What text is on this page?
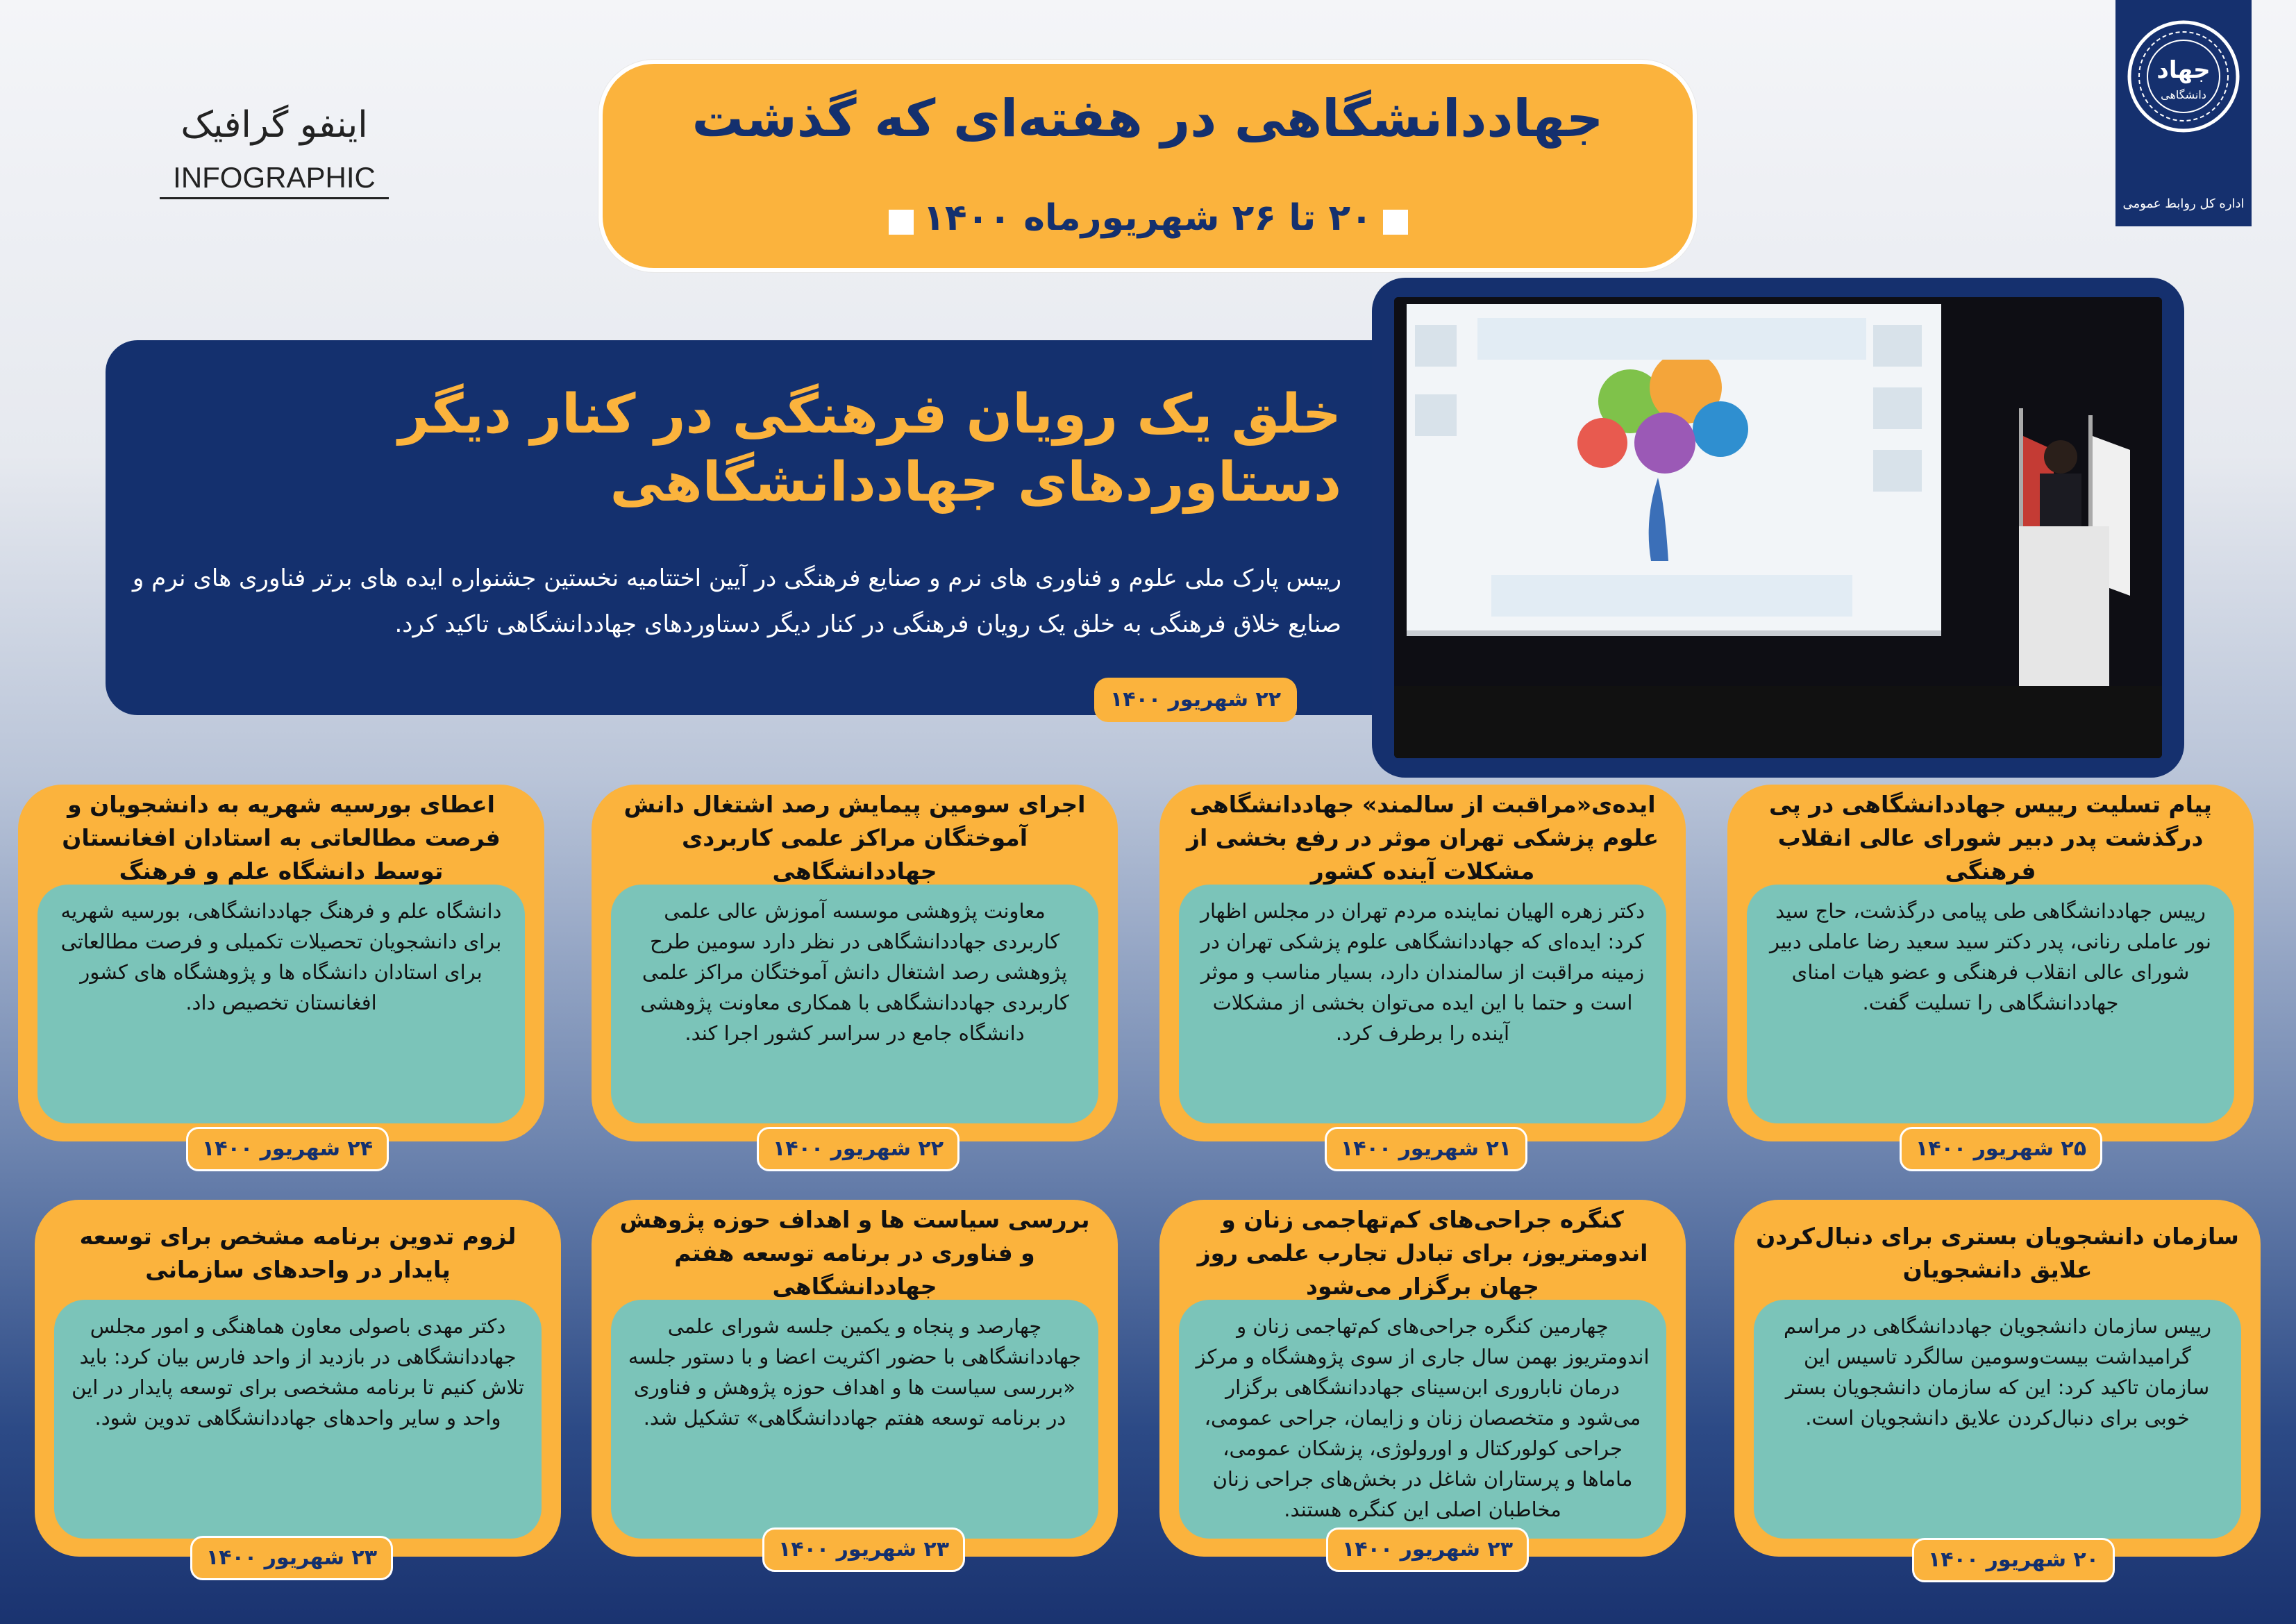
جهاد
دانشگاهی
اداره کل روابط عمومی
اینفو گرافیک
INFOGRAPHIC
جهاددانشگاهی در هفته‌ای که گذشت
۲۰ تا ۲۶ شهریورماه ۱۴۰۰
خلق یک رویان فرهنگی در کنار دیگر
دستاوردهای جهاددانشگاهی
رییس پارک ملی علوم و فناوری های نرم و صنایع فرهنگی در آیین اختتامیه نخستین جشنواره ایده های برتر فناوری های نرم و صنایع خلاق فرهنگی به خلق یک رویان فرهنگی در کنار دیگر دستاوردهای جهاددانشگاهی تاکید کرد.
۲۲ شهریور ۱۴۰۰
پیام تسلیت رییس جهاددانشگاهی در پی درگذشت پدر دبیر شورای عالی انقلاب فرهنگی
رییس جهاددانشگاهی طی پیامی درگذشت، حاج سید نور عاملی رنانی، پدر دکتر سید سعید رضا عاملی دبیر شورای عالی انقلاب فرهنگی و عضو هیات امنای جهاددانشگاهی را تسلیت گفت.
۲۵ شهریور ۱۴۰۰
ایده‌ی«مراقبت از سالمند» جهاددانشگاهی علوم پزشکی تهران موثر در رفع بخشی از مشکلات آینده کشور
دکتر زهره الهیان نماینده مردم تهران در مجلس اظهار کرد: ایده‌ای که جهاددانشگاهی علوم پزشکی تهران در زمینه مراقبت از سالمندان دارد، بسیار مناسب و موثر است و حتما با این ایده می‌توان بخشی از مشکلات آینده را برطرف کرد.
۲۱ شهریور ۱۴۰۰
اجرای سومین پیمایش رصد اشتغال دانش آموختگان مراکز علمی کاربردی جهاددانشگاهی
معاونت پژوهشی موسسه آموزش عالی علمی کاربردی جهاددانشگاهی در نظر دارد سومین طرح پژوهشی رصد اشتغال دانش آموختگان مراکز علمی کاربردی جهاددانشگاهی با همکاری معاونت پژوهشی دانشگاه جامع در سراسر کشور اجرا کند.
۲۲ شهریور ۱۴۰۰
اعطای بورسیه شهریه به دانشجویان و فرصت مطالعاتی به استادان افغانستان توسط دانشگاه علم و فرهنگ
دانشگاه علم و فرهنگ جهاددانشگاهی، بورسیه شهریه برای دانشجویان تحصیلات تکمیلی و فرصت مطالعاتی برای استادان دانشگاه ها و پژوهشگاه های کشور افغانستان تخصیص داد.
۲۴ شهریور ۱۴۰۰
سازمان دانشجویان بستری برای دنبال‌کردن علایق دانشجویان
رییس سازمان دانشجویان جهاددانشگاهی در مراسم گرامیداشت بیست‌وسومین سالگرد تاسیس این سازمان تاکید کرد: این که سازمان دانشجویان بستر خوبی برای دنبال‌کردن علایق دانشجویان است.
۲۰ شهریور ۱۴۰۰
کنگره جراحی‌های کم‌تهاجمی زنان و اندومتریوز، برای تبادل تجارب علمی روز جهان برگزار می‌شود
چهارمین کنگره جراحی‌های کم‌تهاجمی زنان و اندومتریوز بهمن سال جاری از سوی پژوهشگاه و مرکز درمان ناباروری ابن‌سینای جهاددانشگاهی برگزار می‌شود و متخصصان زنان و زایمان، جراحی عمومی، جراحی کولورکتال و اورولوژی، پزشکان عمومی، ماماها و پرستاران شاغل در بخش‌های جراحی زنان مخاطبان اصلی این کنگره هستند.
۲۳ شهریور ۱۴۰۰
بررسی سیاست ها و اهداف حوزه پژوهش و فناوری در برنامه توسعه هفتم جهاددانشگاهی
چهارصد و پنجاه و یکمین جلسه شورای علمی جهاددانشگاهی با حضور اکثریت اعضا و با دستور جلسه «بررسی سیاست ها و اهداف حوزه پژوهش و فناوری در برنامه توسعه هفتم جهاددانشگاهی» تشکیل شد.
۲۳ شهریور ۱۴۰۰
لزوم تدوین برنامه مشخص برای توسعه پایدار در واحدهای سازمانی
دکتر مهدی باصولی معاون هماهنگی و امور مجلس جهاددانشگاهی در بازدید از واحد فارس بیان کرد: باید تلاش کنیم تا برنامه مشخصی برای توسعه پایدار در این واحد و سایر واحدهای جهاددانشگاهی تدوین شود.
۲۳ شهریور ۱۴۰۰
